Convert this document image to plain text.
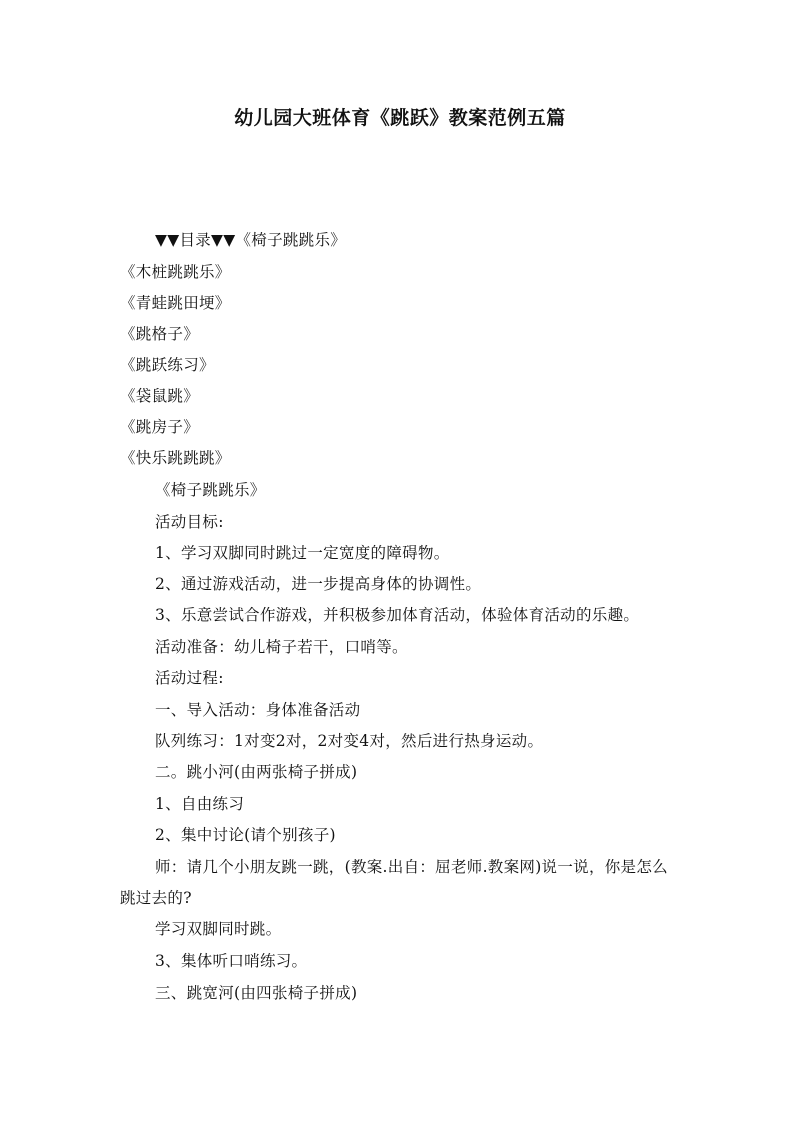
幼儿园大班体育《跳跃》教案范例五篇
▼▼目录▼▼《椅子跳跳乐》
《木桩跳跳乐》
《青蛙跳田埂》
《跳格子》
《跳跃练习》
《袋鼠跳》
《跳房子》
《快乐跳跳跳》
《椅子跳跳乐》
活动目标:
1、学习双脚同时跳过一定宽度的障碍物。
2、通过游戏活动，进一步提高身体的协调性。
3、乐意尝试合作游戏，并积极参加体育活动，体验体育活动的乐趣。
活动准备：幼儿椅子若干，口哨等。
活动过程:
一、导入活动：身体准备活动
队列练习：1对变2对，2对变4对，然后进行热身运动。
二。跳小河(由两张椅子拼成)
1、自由练习
2、集中讨论(请个别孩子)
师：请几个小朋友跳一跳，(教案.出自：屈老师.教案网)说一说，你是怎么
跳过去的?
学习双脚同时跳。
3、集体听口哨练习。
三、跳宽河(由四张椅子拼成)
